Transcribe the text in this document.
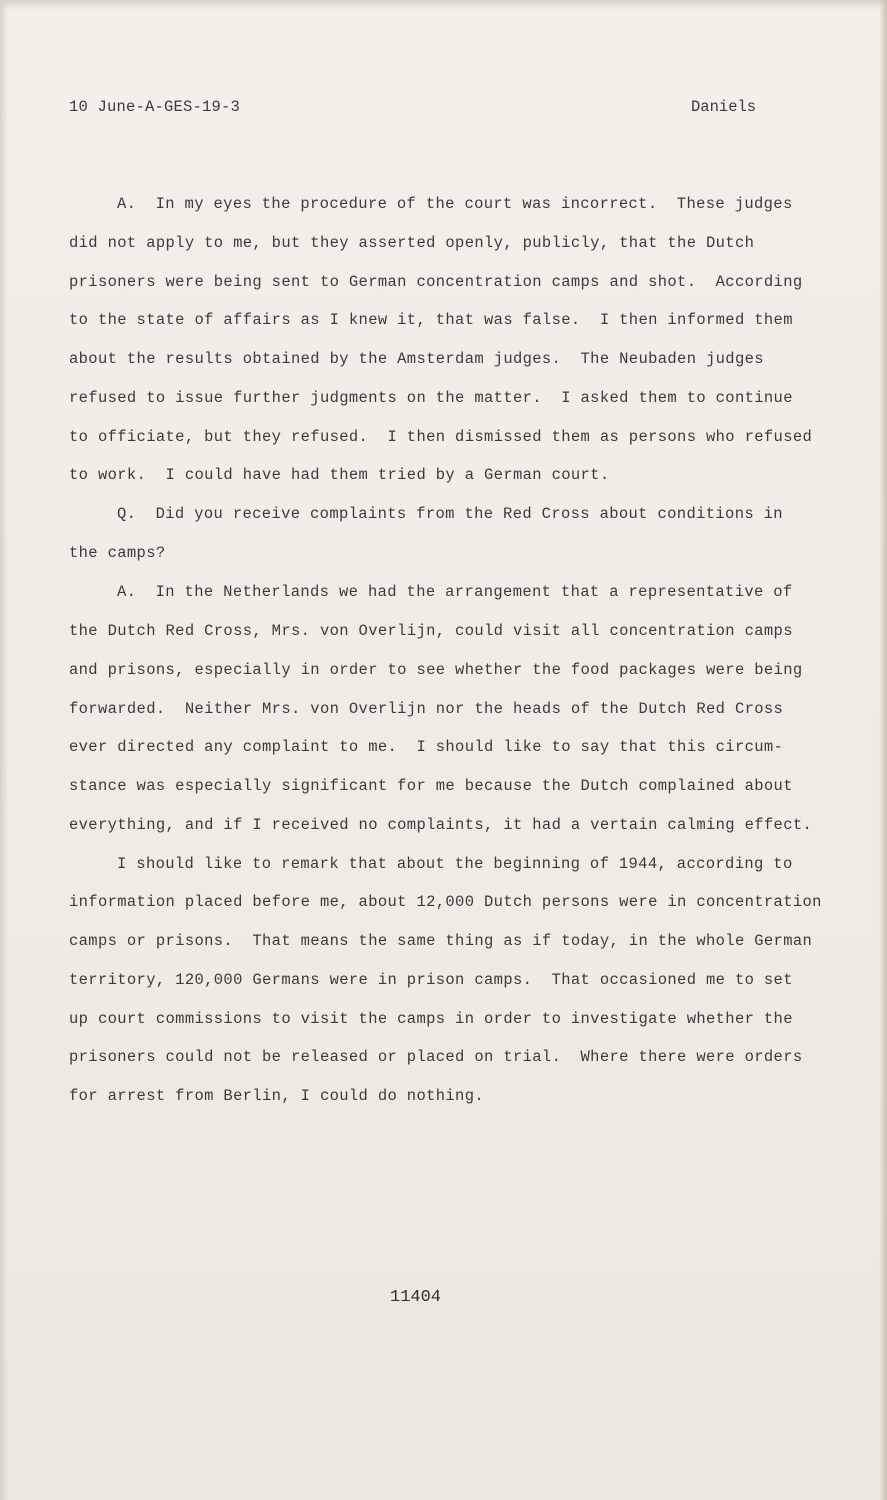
10 June-A-GES-19-3	Daniels
A.  In my eyes the procedure of the court was incorrect.  These judges
did not apply to me, but they asserted openly, publicly, that the Dutch
prisoners were being sent to German concentration camps and shot.  According
to the state of affairs as I knew it, that was false.  I then informed them
about the results obtained by the Amsterdam judges.  The Neubaden judges
refused to issue further judgments on the matter.  I asked them to continue
to officiate, but they refused.  I then dismissed them as persons who refused
to work.  I could have had them tried by a German court.
Q.  Did you receive complaints from the Red Cross about conditions in
the camps?
A.  In the Netherlands we had the arrangement that a representative of
the Dutch Red Cross, Mrs. von Overlijn, could visit all concentration camps
and prisons, especially in order to see whether the food packages were being
forwarded.  Neither Mrs. von Overlijn nor the heads of the Dutch Red Cross
ever directed any complaint to me.  I should like to say that this circum-
stance was especially significant for me because the Dutch complained about
everything, and if I received no complaints, it had a vertain calming effect.
I should like to remark that about the beginning of 1944, according to
information placed before me, about 12,000 Dutch persons were in concentration
camps or prisons.  That means the same thing as if today, in the whole German
territory, 120,000 Germans were in prison camps.  That occasioned me to set
up court commissions to visit the camps in order to investigate whether the
prisoners could not be released or placed on trial.  Where there were orders
for arrest from Berlin, I could do nothing.
11404
